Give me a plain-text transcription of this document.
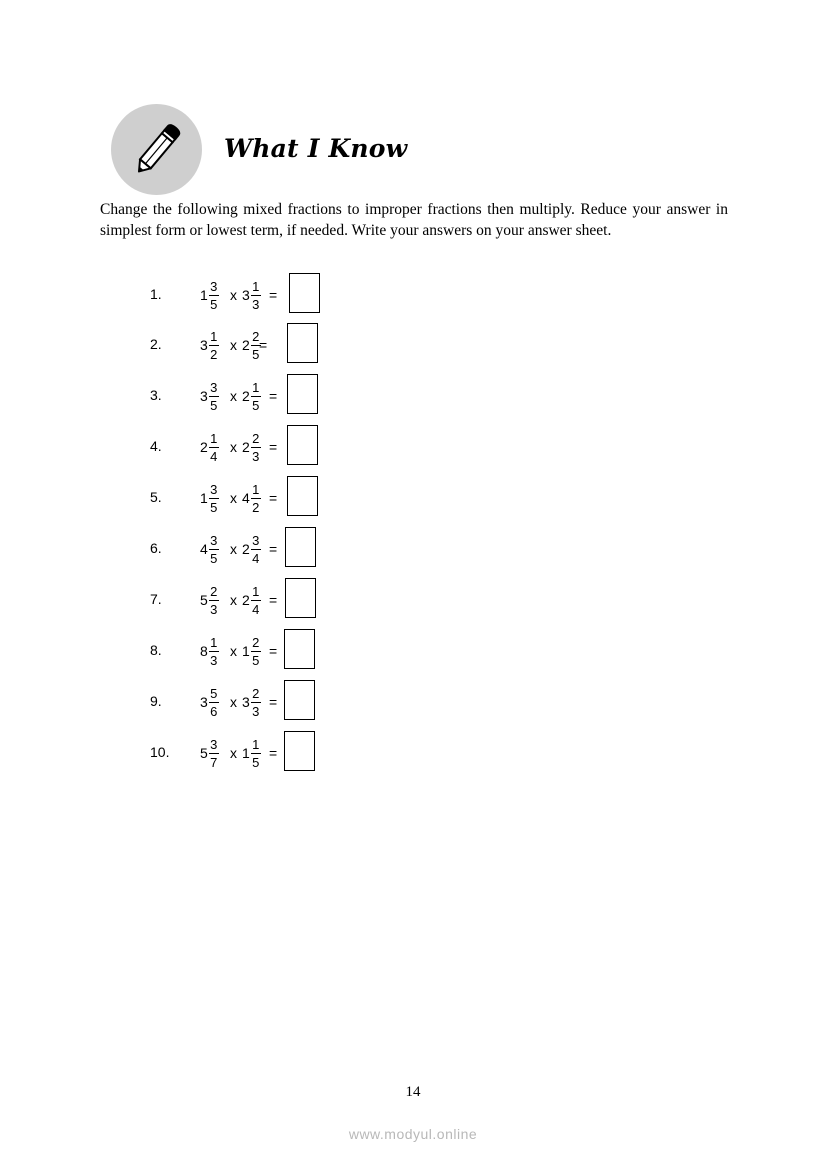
What I Know
Change the following mixed fractions to improper fractions then multiply. Reduce your answer in simplest form or lowest term, if needed. Write your answers on your answer sheet.
1.	$1 \frac{3}{5}$ x $3 \frac{1}{3}$ =
2.	$3 \frac{1}{2}$ x $2 \frac{2}{5}$
=
3.	$3 \frac{3}{5}$ x $2 \frac{1}{5}$ =
4.	$2 \frac{1}{4}$ x $2 \frac{2}{3}$ =
5.	$1 \frac{3}{5}$ x $4 \frac{1}{2}$ =
6.	$4 \frac{3}{5}$ x $2 \frac{3}{4}$ =
7.	$5 \frac{2}{3}$ x $2 \frac{1}{4}$ =
8.	$8 \frac{1}{3}$ x $1 \frac{2}{5}$ =
9.	$3 \frac{5}{6}$ x $3 \frac{2}{3}$ =
10. $5 \frac{3}{7}$ x $1 \frac{1}{5}$ =
14
www.modyul.online
